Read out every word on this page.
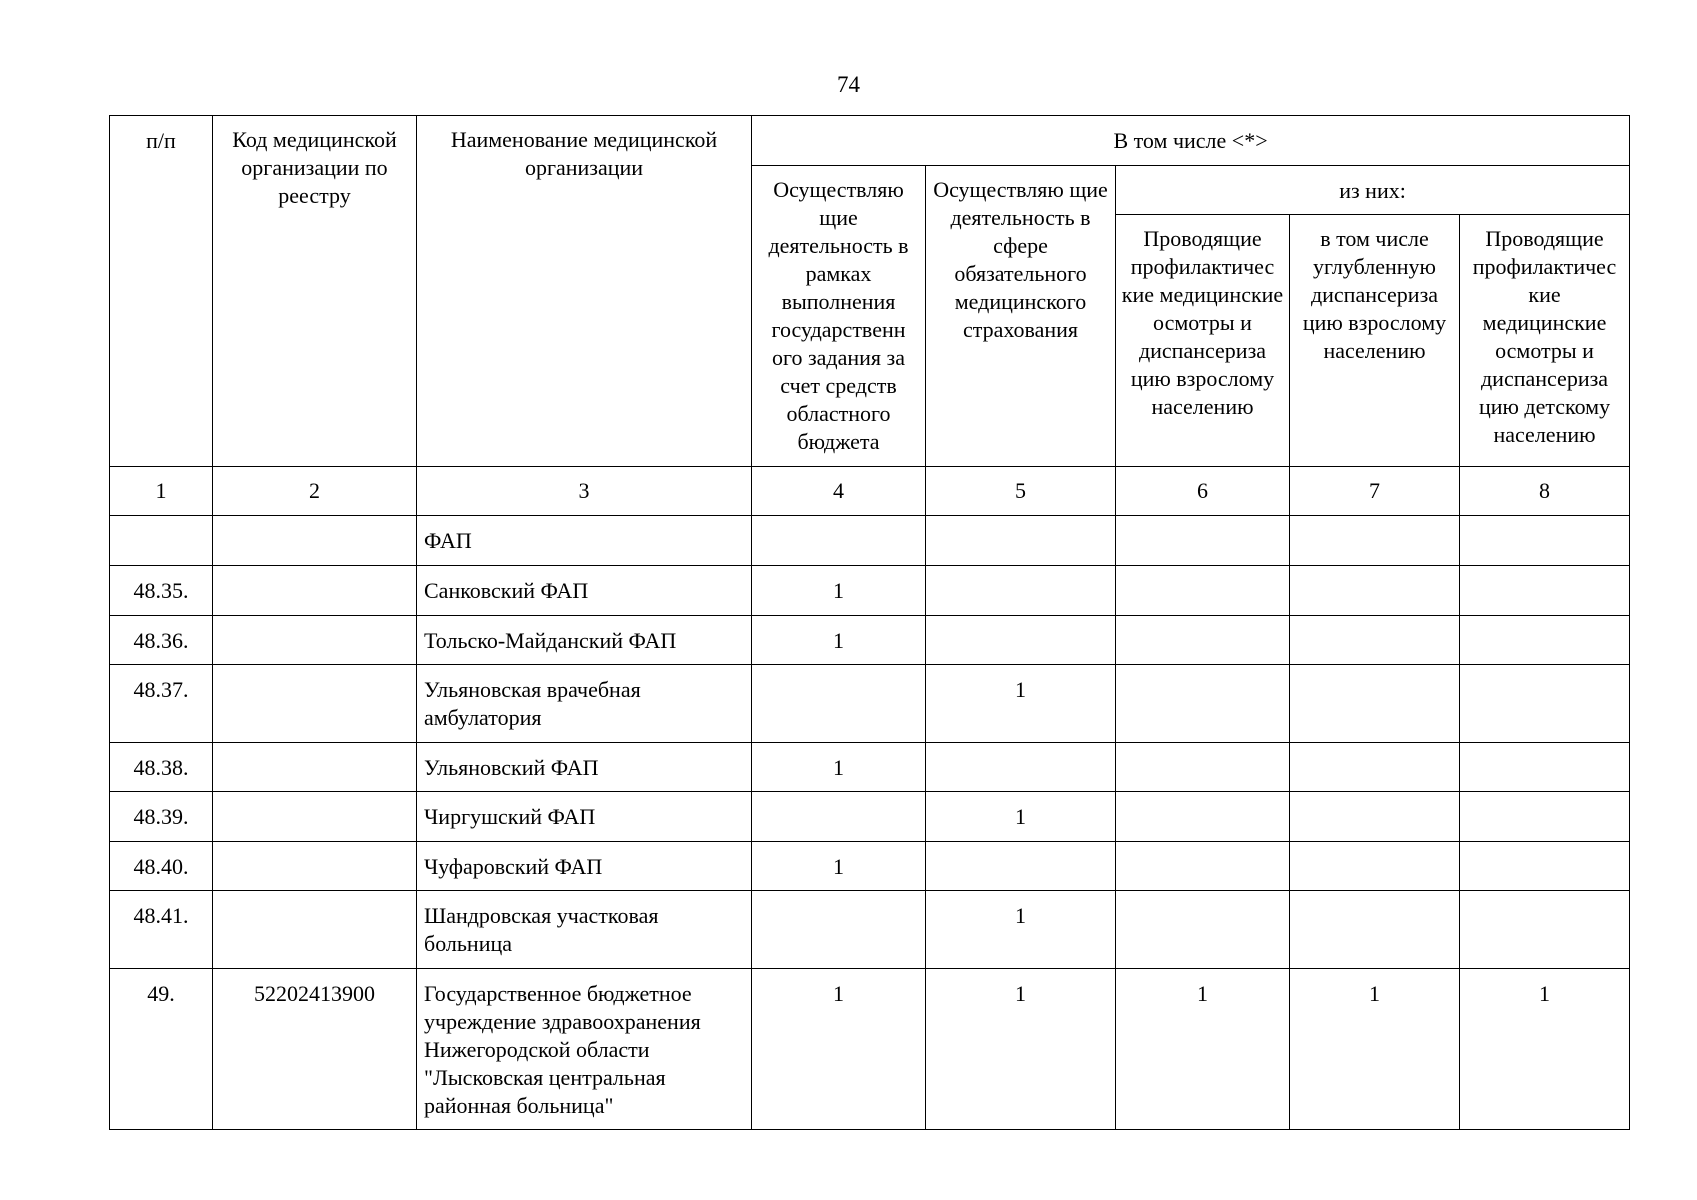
74
п/п	Код медицинской организации по реестру	Наименование медицинской организации	В том числе <*>				
			Осуществляю щие деятельность в рамках выполнения государственн ого задания за счет средств областного бюджета	Осуществляю щие деятельность в сфере обязательного медицинского страхования	из них:		
					Проводящие профилактичес кие медицинские осмотры и диспансериза цию взрослому населению	в том числе углубленную диспансериза цию взрослому населению	Проводящие профилактичес кие медицинские осмотры и диспансериза цию детскому населению
1	2	3	4	5	6	7	8
		ФАП					
48.35.		Санковский ФАП	1				
48.36.		Тольско-Майданский ФАП	1				
48.37.		Ульяновская врачебная амбулатория		1			
48.38.		Ульяновский ФАП	1				
48.39.		Чиргушский ФАП		1			
48.40.		Чуфаровский ФАП	1				
48.41.		Шандровская участковая больница		1			
49.	52202413900	Государственное бюджетное учреждение здравоохранения Нижегородской области "Лысковская центральная районная больница"	1	1	1	1	1
